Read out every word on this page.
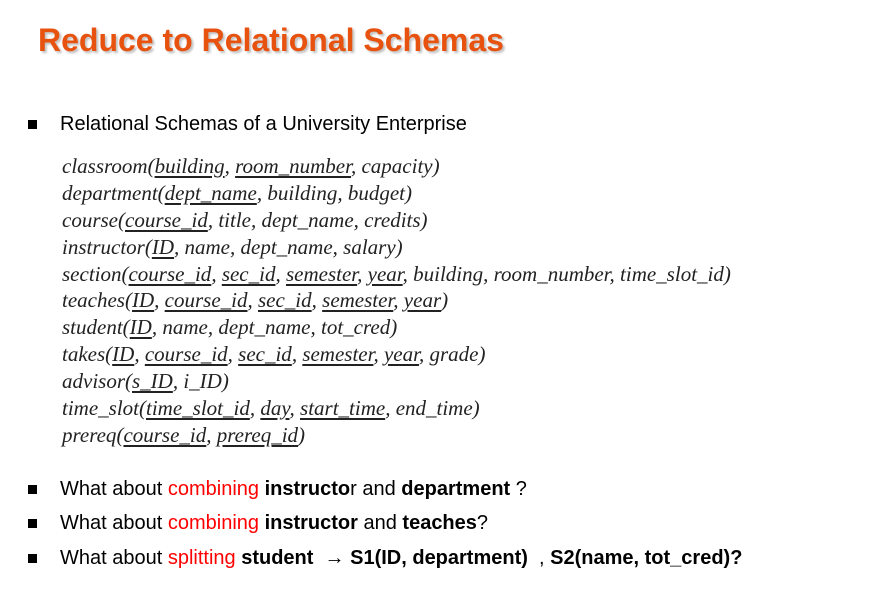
Reduce to Relational Schemas
Relational Schemas of a University Enterprise
classroom(building, room_number, capacity)
department(dept_name, building, budget)
course(course_id, title, dept_name, credits)
instructor(ID, name, dept_name, salary)
section(course_id, sec_id, semester, year, building, room_number, time_slot_id)
teaches(ID, course_id, sec_id, semester, year)
student(ID, name, dept_name, tot_cred)
takes(ID, course_id, sec_id, semester, year, grade)
advisor(s_ID, i_ID)
time_slot(time_slot_id, day, start_time, end_time)
prereq(course_id, prereq_id)
What about combining instructor and department ?
What about combining instructor and teaches?
What about splitting student  → S1(ID, department)  , S2(name, tot_cred)?
